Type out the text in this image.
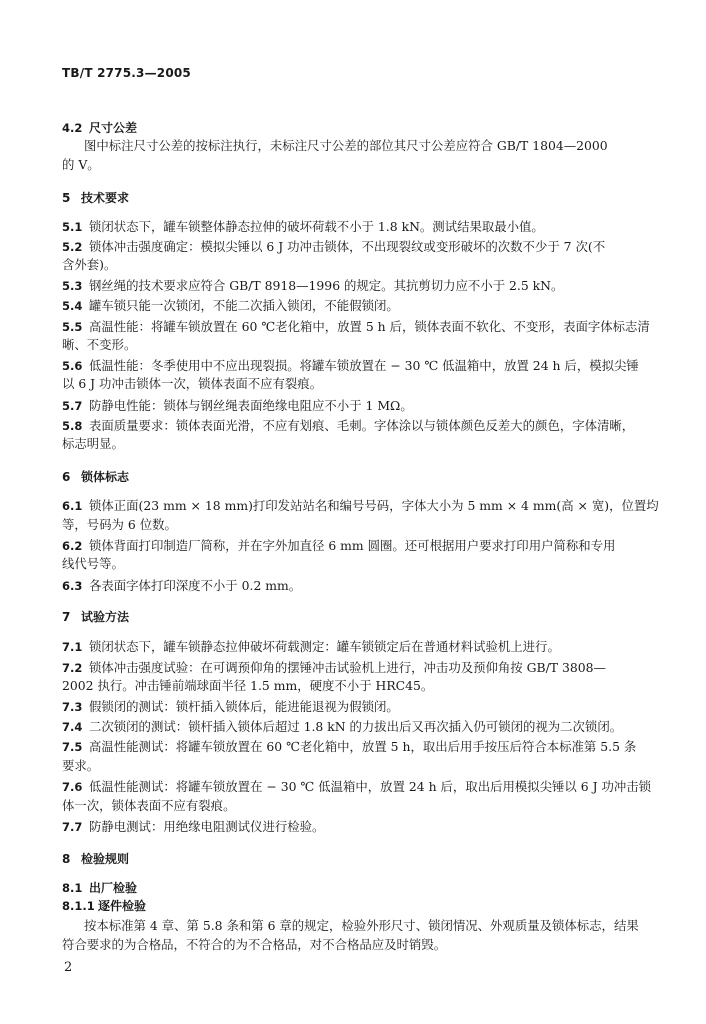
TB/T 2775.3—2005
4.2 尺寸公差
图中标注尺寸公差的按标注执行，未标注尺寸公差的部位其尺寸公差应符合 GB/T 1804—2000
的 V。
5 技术要求
5.1 锁闭状态下，罐车锁整体静态拉伸的破坏荷载不小于 1.8 kN。测试结果取最小值。
5.2 锁体冲击强度确定：模拟尖锤以 6 J 功冲击锁体，不出现裂纹或变形破坏的次数不少于 7 次(不
含外套)。
5.3 钢丝绳的技术要求应符合 GB/T 8918—1996 的规定。其抗剪切力应不小于 2.5 kN。
5.4 罐车锁只能一次锁闭，不能二次插入锁闭，不能假锁闭。
5.5 高温性能：将罐车锁放置在 60 ℃老化箱中，放置 5 h 后，锁体表面不软化、不变形，表面字体标志清
晰、不变形。
5.6 低温性能：冬季使用中不应出现裂损。将罐车锁放置在 − 30 ℃ 低温箱中，放置 24 h 后，模拟尖锤
以 6 J 功冲击锁体一次，锁体表面不应有裂痕。
5.7 防静电性能：锁体与钢丝绳表面绝缘电阻应不小于 1 MΩ。
5.8 表面质量要求：锁体表面光滑，不应有划痕、毛刺。字体涂以与锁体颜色反差大的颜色，字体清晰，
标志明显。
6 锁体标志
6.1 锁体正面(23 mm × 18 mm)打印发站站名和编号号码，字体大小为 5 mm × 4 mm(高 × 宽)，位置均
等，号码为 6 位数。
6.2 锁体背面打印制造厂简称，并在字外加直径 6 mm 圆圈。还可根据用户要求打印用户简称和专用
线代号等。
6.3 各表面字体打印深度不小于 0.2 mm。
7 试验方法
7.1 锁闭状态下，罐车锁静态拉伸破坏荷载测定：罐车锁锁定后在普通材料试验机上进行。
7.2 锁体冲击强度试验：在可调预仰角的摆锤冲击试验机上进行，冲击功及预仰角按 GB/T 3808—
2002 执行。冲击锤前端球面半径 1.5 mm，硬度不小于 HRC45。
7.3 假锁闭的测试：锁杆插入锁体后，能进能退视为假锁闭。
7.4 二次锁闭的测试：锁杆插入锁体后超过 1.8 kN 的力拔出后又再次插入仍可锁闭的视为二次锁闭。
7.5 高温性能测试：将罐车锁放置在 60 ℃老化箱中，放置 5 h，取出后用手按压后符合本标准第 5.5 条
要求。
7.6 低温性能测试：将罐车锁放置在 − 30 ℃ 低温箱中，放置 24 h 后，取出后用模拟尖锤以 6 J 功冲击锁
体一次，锁体表面不应有裂痕。
7.7 防静电测试：用绝缘电阻测试仪进行检验。
8 检验规则
8.1 出厂检验
8.1.1 逐件检验
按本标准第 4 章、第 5.8 条和第 6 章的规定，检验外形尺寸、锁闭情况、外观质量及锁体标志，结果
符合要求的为合格品，不符合的为不合格品，对不合格品应及时销毁。
2
